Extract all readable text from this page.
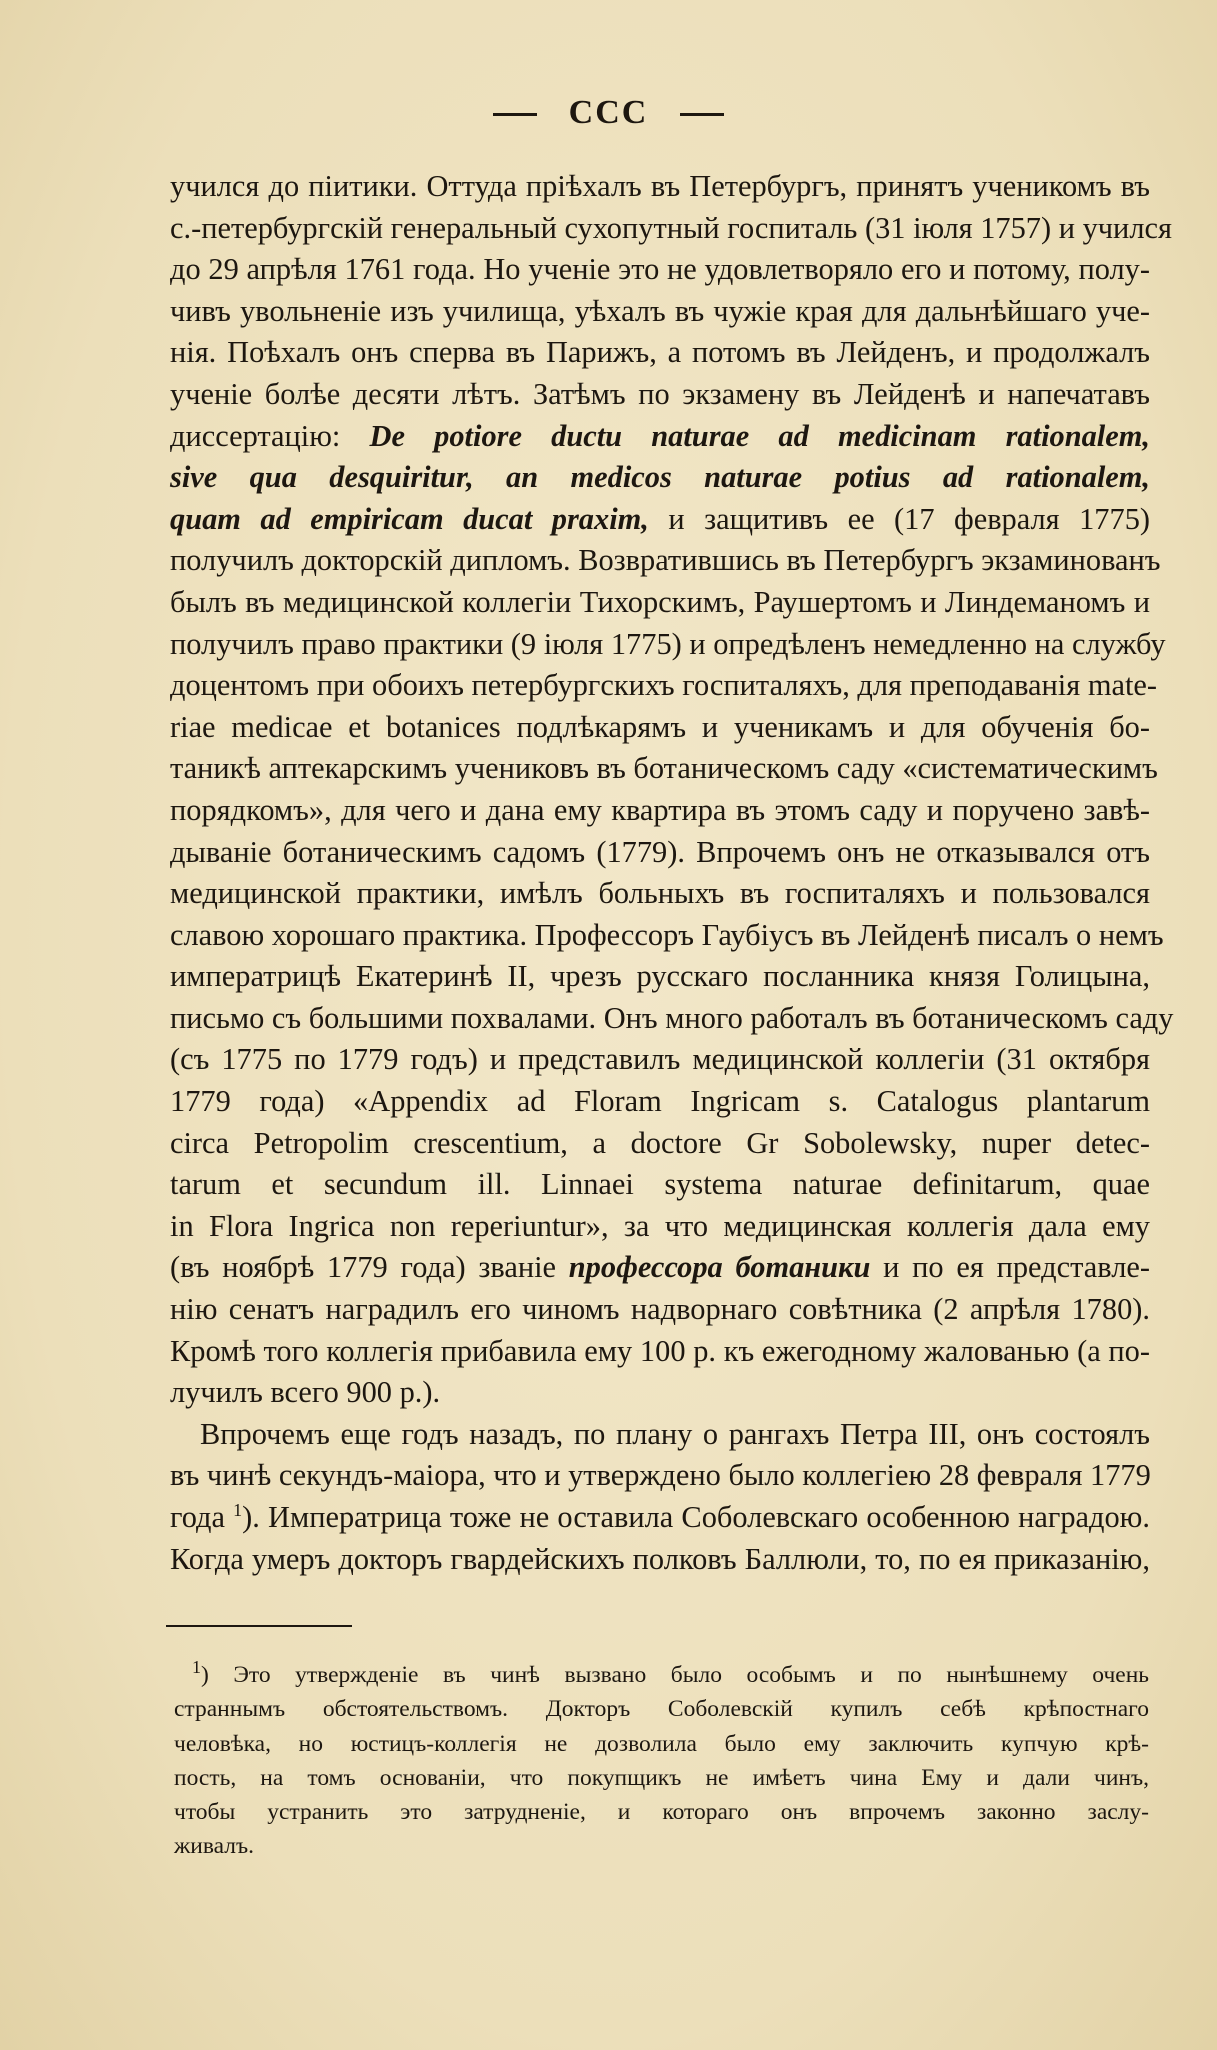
CCC
учился до пiитики. Оттуда прiѣхалъ въ Петербургъ, принятъ ученикомъ въ
с.-петербургскiй генеральный сухопутный госпиталь (31 iюля 1757) и учился
до 29 апрѣля 1761 года. Но ученiе это не удовлетворяло его и потому, полу-
чивъ увольненiе изъ училища, уѣхалъ въ чужiе края для дальнѣйшаго уче-
нiя. Поѣхалъ онъ сперва въ Парижъ, а потомъ въ Лейденъ, и продолжалъ
ученiе болѣе десяти лѣтъ. Затѣмъ по экзамену въ Лейденѣ и напечатавъ
диссертацiю: De potiore ductu naturae ad medicinam rationalem,
sive qua desquiritur, an medicos naturae potius ad rationalem,
quam ad empiricam ducat praxim, и защитивъ ее (17 февраля 1775)
получилъ докторскiй дипломъ. Возвратившись въ Петербургъ экзаминованъ
былъ въ медицинской коллегiи Тихорскимъ, Раушертомъ и Линдеманомъ и
получилъ право практики (9 iюля 1775) и опредѣленъ немедленно на службу
доцентомъ при обоихъ петербургскихъ госпиталяхъ, для преподаванiя mate-
riae medicae et botanices подлѣкарямъ и ученикамъ и для обученiя бо-
таникѣ аптекарскимъ учениковъ въ ботаническомъ саду «систематическимъ
порядкомъ», для чего и дана ему квартира въ этомъ саду и поручено завѣ-
дыванiе ботаническимъ садомъ (1779). Впрочемъ онъ не отказывался отъ
медицинской практики, имѣлъ больныхъ въ госпиталяхъ и пользовался
славою хорошаго практика. Профессоръ Гаубiусъ въ Лейденѣ писалъ о немъ
императрицѣ Екатеринѣ II, чрезъ русскаго посланника князя Голицына,
письмо съ большими похвалами. Онъ много работалъ въ ботаническомъ саду
(съ 1775 по 1779 годъ) и представилъ медицинской коллегiи (31 октября
1779 года) «Appendix ad Floram Ingricam s. Catalogus plantarum
circa Petropolim crescentium, a doctore Gr Sobolewsky, nuper detec-
tarum et secundum ill. Linnaei systema naturae definitarum, quae
in Flora Ingrica non reperiuntur», за что медицинская коллегiя дала ему
(въ ноябрѣ 1779 года) званiе профессора ботаники и по ея представле-
нiю сенатъ наградилъ его чиномъ надворнаго совѣтника (2 апрѣля 1780).
Кромѣ того коллегiя прибавила ему 100 р. къ ежегодному жалованью (а по-
лучилъ всего 900 р.).
Впрочемъ еще годъ назадъ, по плану о рангахъ Петра III, онъ состоялъ
въ чинѣ секундъ-маiора, что и утверждено было коллегiею 28 февраля 1779
года $^1$). Императрица тоже не оставила Соболевскаго особенною наградою.
Когда умеръ докторъ гвардейскихъ полковъ Баллюли, то, по ея приказанiю,
$^1$) Это утвержденiе въ чинѣ вызвано было особымъ и по нынѣшнему очень
страннымъ обстоятельствомъ. Докторъ Соболевскiй купилъ себѣ крѣпостнаго
человѣка, но юстицъ-коллегiя не дозволила было ему заключить купчую крѣ-
пость, на томъ основанiи, что покупщикъ не имѣетъ чина Ему и дали чинъ,
чтобы устранить это затрудненiе, и котораго онъ впрочемъ законно заслу-
живалъ.
